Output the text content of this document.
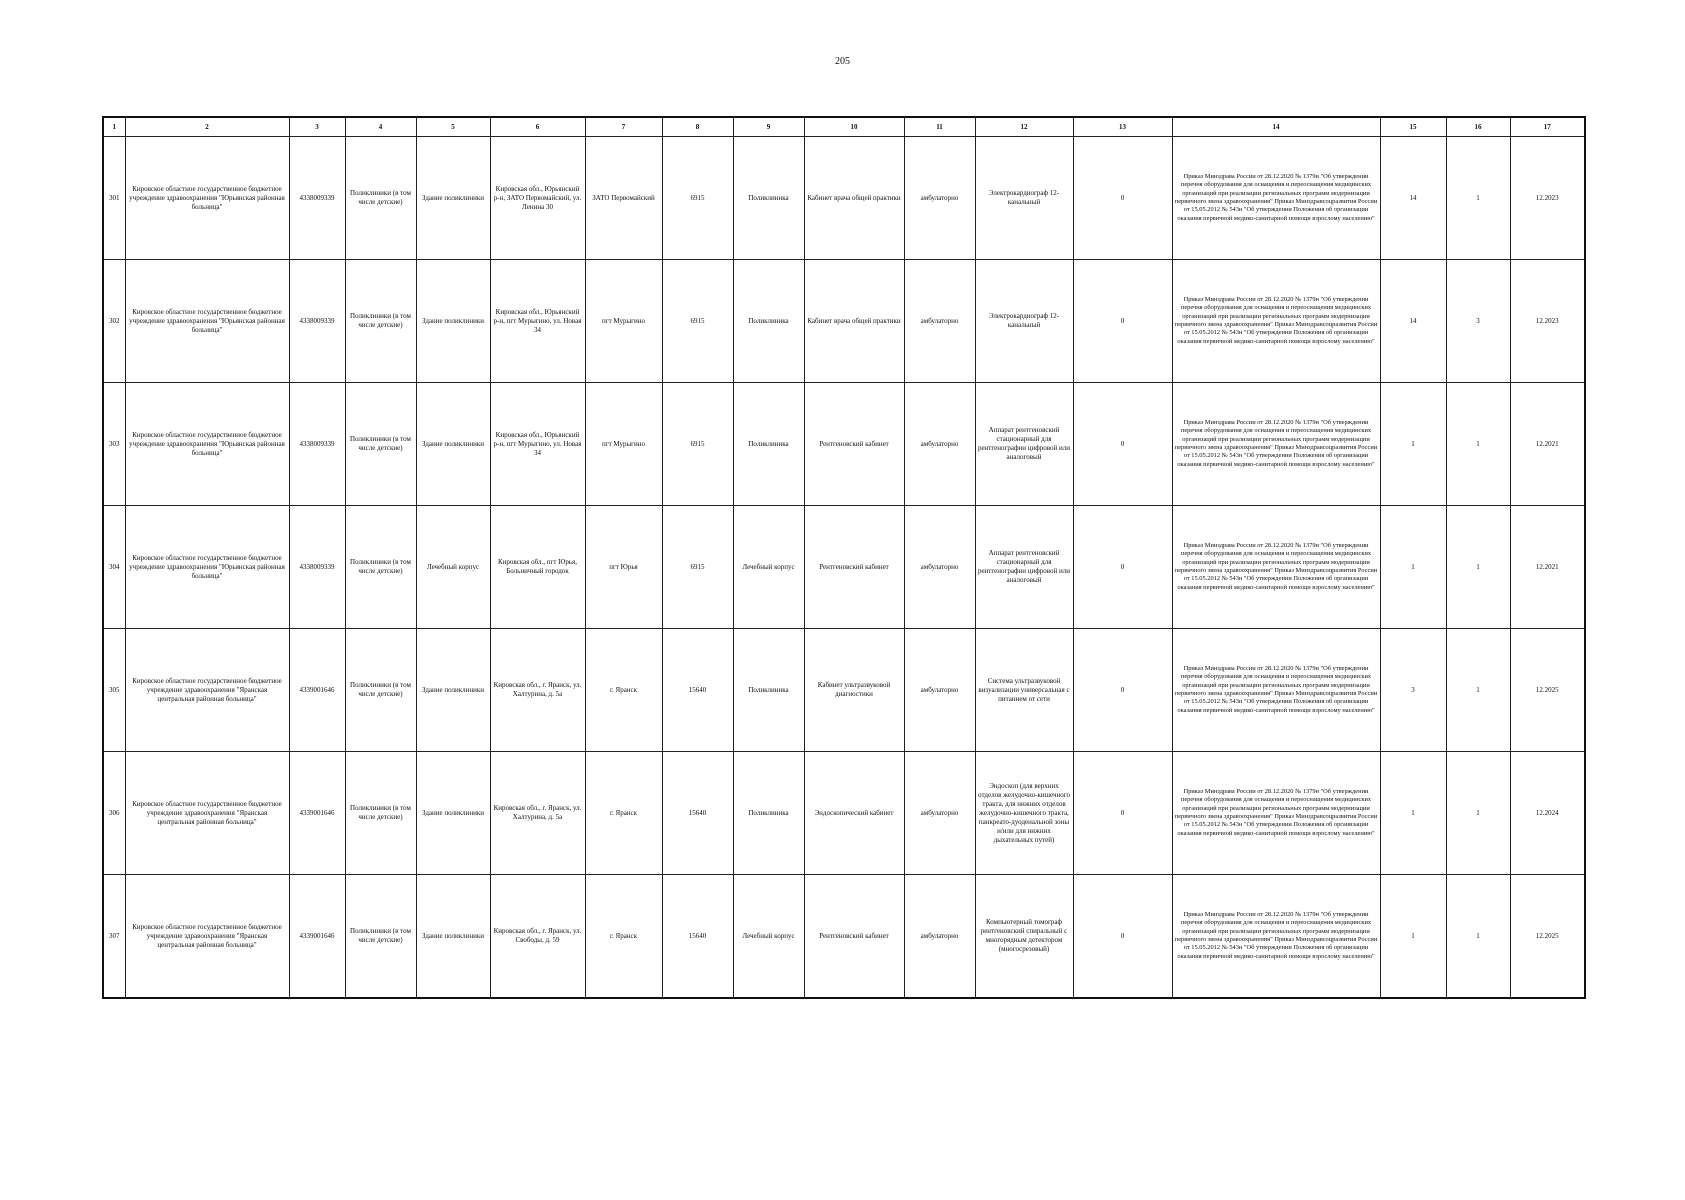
205
1	2	3	4	5	6	7	8	9	10	11	12	13	14	15	16	17
301	Кировское областное государственное бюджетное учреждение здравоохранения "Юрьянская районная больница"	4338009339	Поликлиники (в том числе детские)	Здание поликлиники	Кировская обл., Юрьянский р-н, ЗАТО Первомайский, ул. Ленина 30	ЗАТО Первомайский	6915	Поликлиника	Кабинет врача общей практики	амбулаторно	Электрокардиограф 12-канальный	0	Приказ Минздрава России от 28.12.2020 № 1379н "Об утверждении перечня оборудования для оснащения и переоснащения медицинских организаций при реализации региональных программ модернизации первичного звена здравоохранения" Приказ Минздравсоцразвития России от 15.05.2012 № 543н "Об утверждении Положения об организации оказания первичной медико-санитарной помощи взрослому населению"	14	1	12.2023
302	Кировское областное государственное бюджетное учреждение здравоохранения "Юрьянская районная больница"	4338009339	Поликлиники (в том числе детские)	Здание поликлиники	Кировская обл., Юрьянский р-н, пгт Мурыгино, ул. Новая 34	пгт Мурыгино	6915	Поликлиника	Кабинет врача общей практики	амбулаторно	Электрокардиограф 12-канальный	0	Приказ Минздрава России от 28.12.2020 № 1379н "Об утверждении перечня оборудования для оснащения и переоснащения медицинских организаций при реализации региональных программ модернизации первичного звена здравоохранения" Приказ Минздравсоцразвития России от 15.05.2012 № 543н "Об утверждении Положения об организации оказания первичной медико-санитарной помощи взрослому населению"	14	3	12.2023
303	Кировское областное государственное бюджетное учреждение здравоохранения "Юрьянская районная больница"	4338009339	Поликлиники (в том числе детские)	Здание поликлиники	Кировская обл., Юрьянский р-н, пгт Мурыгино, ул. Новая 34	пгт Мурыгино	6915	Поликлиника	Рентгеновский кабинет	амбулаторно	Аппарат рентгеновский стационарный для рентгенографии цифровой или аналоговый	0	Приказ Минздрава России от 28.12.2020 № 1379н "Об утверждении перечня оборудования для оснащения и переоснащения медицинских организаций при реализации региональных программ модернизации первичного звена здравоохранения" Приказ Минздравсоцразвития России от 15.05.2012 № 543н "Об утверждении Положения об организации оказания первичной медико-санитарной помощи взрослому населению"	1	1	12.2021
304	Кировское областное государственное бюджетное учреждение здравоохранения "Юрьянская районная больница"	4338009339	Поликлиники (в том числе детские)	Лечебный корпус	Кировская обл., пгт Юрья, Больничный городок	пгт Юрья	6915	Лечебный корпус	Рентгеновский кабинет	амбулаторно	Аппарат рентгеновский стационарный для рентгенографии цифровой или аналоговый	0	Приказ Минздрава России от 28.12.2020 № 1379н "Об утверждении перечня оборудования для оснащения и переоснащения медицинских организаций при реализации региональных программ модернизации первичного звена здравоохранения" Приказ Минздравсоцразвития России от 15.05.2012 № 543н "Об утверждении Положения об организации оказания первичной медико-санитарной помощи взрослому населению"	1	1	12.2021
305	Кировское областное государственное бюджетное учреждение здравоохранения "Яранская центральная районная больница"	4339001646	Поликлиники (в том числе детские)	Здание поликлиники	Кировская обл., г. Яранск, ул. Халтурина, д. 5а	г. Яранск	15640	Поликлиника	Кабинет ультразвуковой диагностики	амбулаторно	Система ультразвуковой визуализации универсальная с питанием от сети	0	Приказ Минздрава России от 28.12.2020 № 1379н "Об утверждении перечня оборудования для оснащения и переоснащения медицинских организаций при реализации региональных программ модернизации первичного звена здравоохранения" Приказ Минздравсоцразвития России от 15.05.2012 № 543н "Об утверждении Положения об организации оказания первичной медико-санитарной помощи взрослому населению"	3	1	12.2025
306	Кировское областное государственное бюджетное учреждение здравоохранения "Яранская центральная районная больница"	4339001646	Поликлиники (в том числе детские)	Здание поликлиники	Кировская обл., г. Яранск, ул. Халтурина, д. 5а	г. Яранск	15640	Поликлиника	Эндоскопический кабинет	амбулаторно	Эндоскоп (для верхних отделов желудочно-кишечного тракта, для нижних отделов желудочно-кишечного тракта, панкреато-дуоденальной зоны и/или для нижних дыхательных путей)	0	Приказ Минздрава России от 28.12.2020 № 1379н "Об утверждении перечня оборудования для оснащения и переоснащения медицинских организаций при реализации региональных программ модернизации первичного звена здравоохранения" Приказ Минздравсоцразвития России от 15.05.2012 № 543н "Об утверждении Положения об организации оказания первичной медико-санитарной помощи взрослому населению"	1	1	12.2024
307	Кировское областное государственное бюджетное учреждение здравоохранения "Яранская центральная районная больница"	4339001646	Поликлиники (в том числе детские)	Здание поликлиники	Кировская обл., г. Яранск, ул. Свободы, д. 59	г. Яранск	15640	Лечебный корпус	Рентгеновский кабинет	амбулаторно	Компьютерный томограф рентгеновский спиральный с многорядным детектором (многосрезовый)	0	Приказ Минздрава России от 28.12.2020 № 1379н "Об утверждении перечня оборудования для оснащения и переоснащения медицинских организаций при реализации региональных программ модернизации первичного звена здравоохранения" Приказ Минздравсоцразвития России от 15.05.2012 № 543н "Об утверждении Положения об организации оказания первичной медико-санитарной помощи взрослому населению"	1	1	12.2025
